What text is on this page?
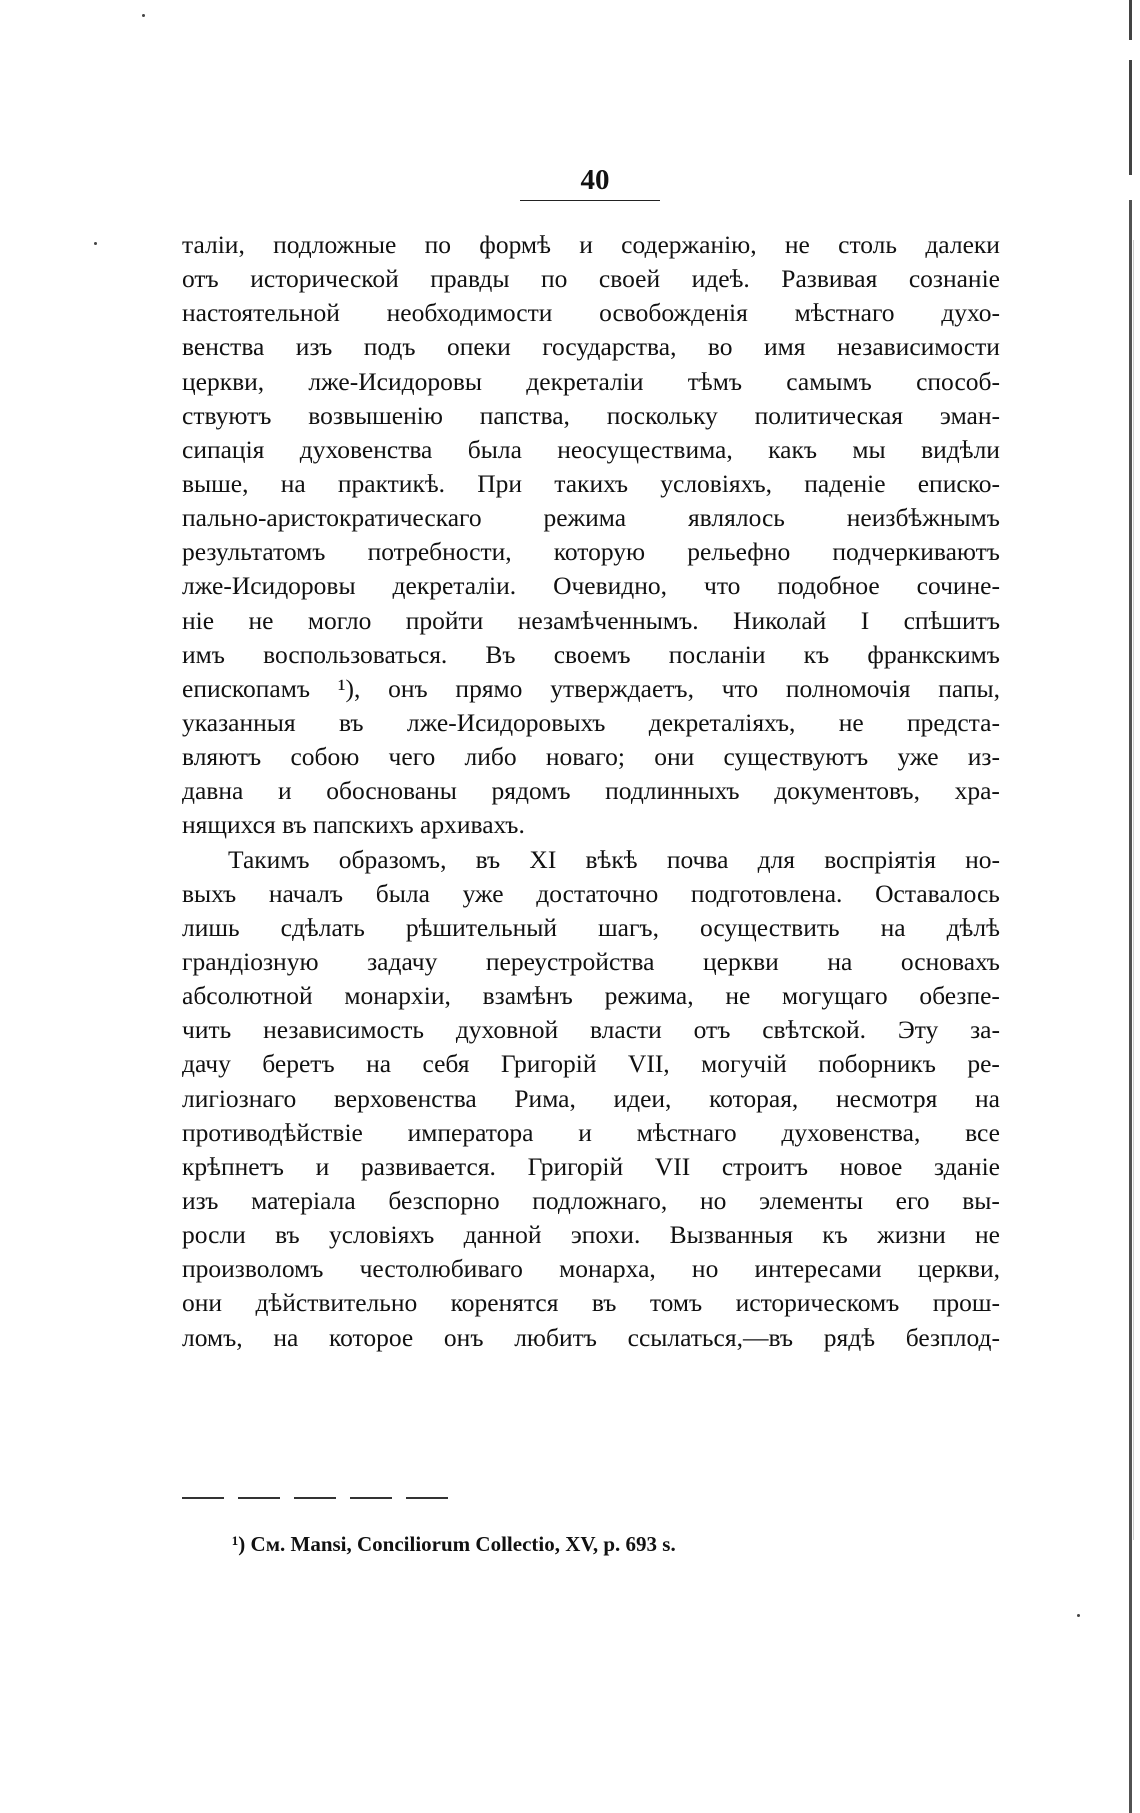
40
талiи, подложные по формѣ и содержанiю, не столь далеки
отъ исторической правды по своей идеѣ. Развивая сознанiе
настоятельной необходимости освобожденiя мѣстнаго духо-
венства изъ подъ опеки государства, во имя независимости
церкви, лже-Исидоровы декреталiи тѣмъ самымъ способ-
ствуютъ возвышенiю папства, поскольку политическая эман-
сипацiя духовенства была неосуществима, какъ мы видѣли
выше, на практикѣ. При такихъ условiяхъ, паденiе еписко-
пально-аристократическаго режима являлось неизбѣжнымъ
результатомъ потребности, которую рельефно подчеркиваютъ
лже-Исидоровы декреталiи. Очевидно, что подобное сочине-
нiе не могло пройти незамѣченнымъ. Николай I спѣшитъ
имъ воспользоваться. Въ своемъ посланiи къ франкскимъ
епископамъ ¹), онъ прямо утверждаетъ, что полномочiя папы,
указанныя въ лже-Исидоровыхъ декреталiяхъ, не предста-
вляютъ собою чего либо новаго; они существуютъ уже из-
давна и обоснованы рядомъ подлинныхъ документовъ, хра-
нящихся въ папскихъ архивахъ.
Такимъ образомъ, въ XI вѣкѣ почва для воспрiятiя но-
выхъ началъ была уже достаточно подготовлена. Оставалось
лишь сдѣлать рѣшительный шагъ, осуществить на дѣлѣ
грандiозную задачу переустройства церкви на основахъ
абсолютной монархiи, взамѣнъ режима, не могущаго обезпе-
чить независимость духовной власти отъ свѣтской. Эту за-
дачу беретъ на себя Григорiй VII, могучiй поборникъ ре-
лигiознаго верховенства Рима, идеи, которая, несмотря на
противодѣйствiе императора и мѣстнаго духовенства, все
крѣпнетъ и развивается. Григорiй VII строитъ новое зданiе
изъ матерiала безспорно подложнаго, но элементы его вы-
росли въ условiяхъ данной эпохи. Вызванныя къ жизни не
произволомъ честолюбиваго монарха, но интересами церкви,
они дѣйствительно коренятся въ томъ историческомъ прош-
ломъ, на которое онъ любитъ ссылаться,—въ рядѣ безплод-
¹) См. Mansi, Conciliorum Collectio, XV, p. 693 s.
